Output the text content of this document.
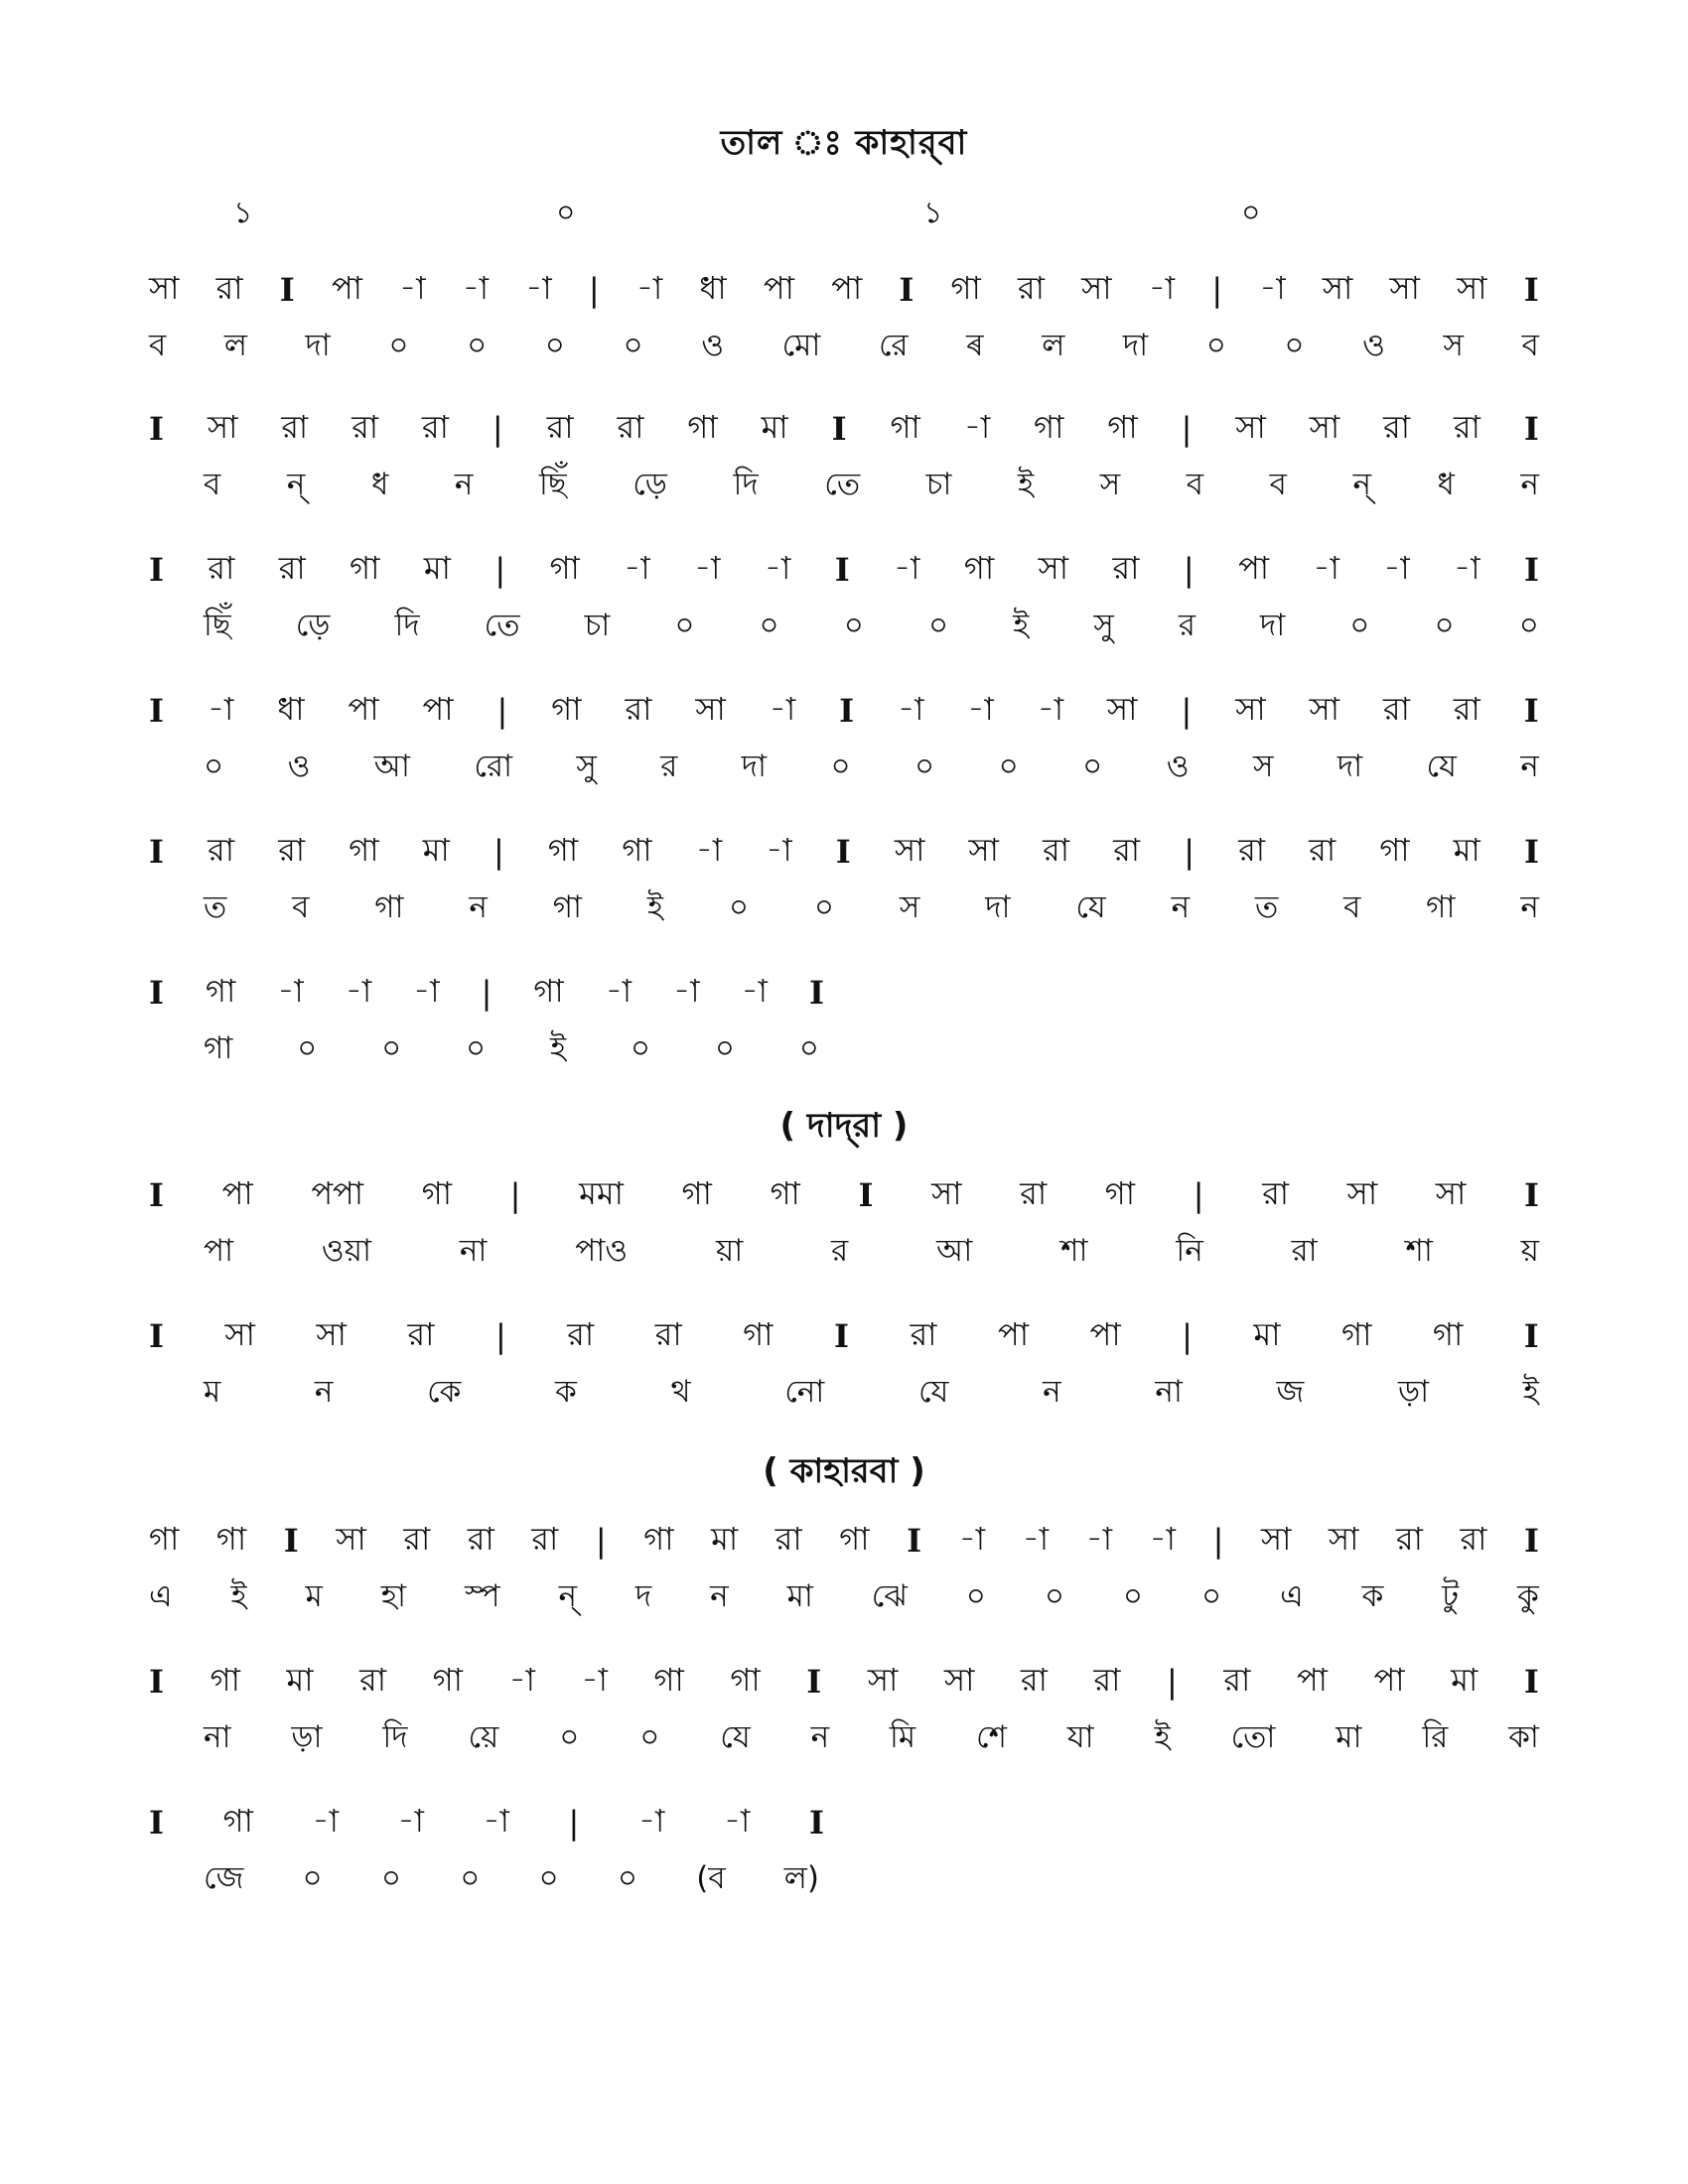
তাল ঃ কাহার্‌বা
১	০	১	০
( দাদ্‌রা )
( কাহারবা )
সা রা I পা -া -া -া | -া ধা পা পা I গা রা সা -া | -া সা সা সা I
ব ল দা ০ ০ ০ ০ ও মো রে ৰ ল দা ০ ০ ও স ব
I সা রা রা রা | রা রা গা মা I গা -া গা গা | সা সা রা রা I
ব ন্ ধ ন ছিঁ ড়ে দি তে চা ই স ব ব ন্ ধ ন
I রা রা গা মা | গা -া -া -া I -া গা সা রা | পা -া -া -া I
ছিঁ ড়ে দি তে চা ০ ০ ০ ০ ই সু র দা ০ ০ ০
I -া ধা পা পা | গা রা সা -া I -া -া -া সা | সা সা রা রা I
০ ও আ রো সু র দা ০ ০ ০ ০ ও স দা যে ন
I রা রা গা মা | গা গা -া -া I সা সা রা রা | রা রা গা মা I
ত ব গা ন গা ই ০ ০ স দা যে ন ত ব গা ন
I গা -া -া -া | গা -া -া -া I
গা ০ ০ ০ ই ০ ০ ০
I পা পপা গা | মমা গা গা I সা রা গা | রা সা সা I
পা	ওয়া	না	পাও	য়া	র	আ	শা	নি	রা	শা	য়
I সা সা রা | রা রা গা I রা পা পা | মা গা গা I
ম	ন	কে	ক	থ	নো	যে	ন	না	জ	ড়া	ই
গা গা I সা রা রা রা | গা মা রা গা I -া -া -া -া | সা সা রা রা I
এ ই ম হা স্প ন্ দ ন মা ঝে ০ ০ ০ ০ এ ক টু কু
I গা মা রা গা -া -া গা গা I সা সা রা রা | রা পা পা মা I
না ড়া দি য়ে ০ ০ যে ন মি শে যা ই তো মা রি কা
I গা -া -া -া | -া -া I
জে ০ ০ ০ ০ ০ (ব ল)
